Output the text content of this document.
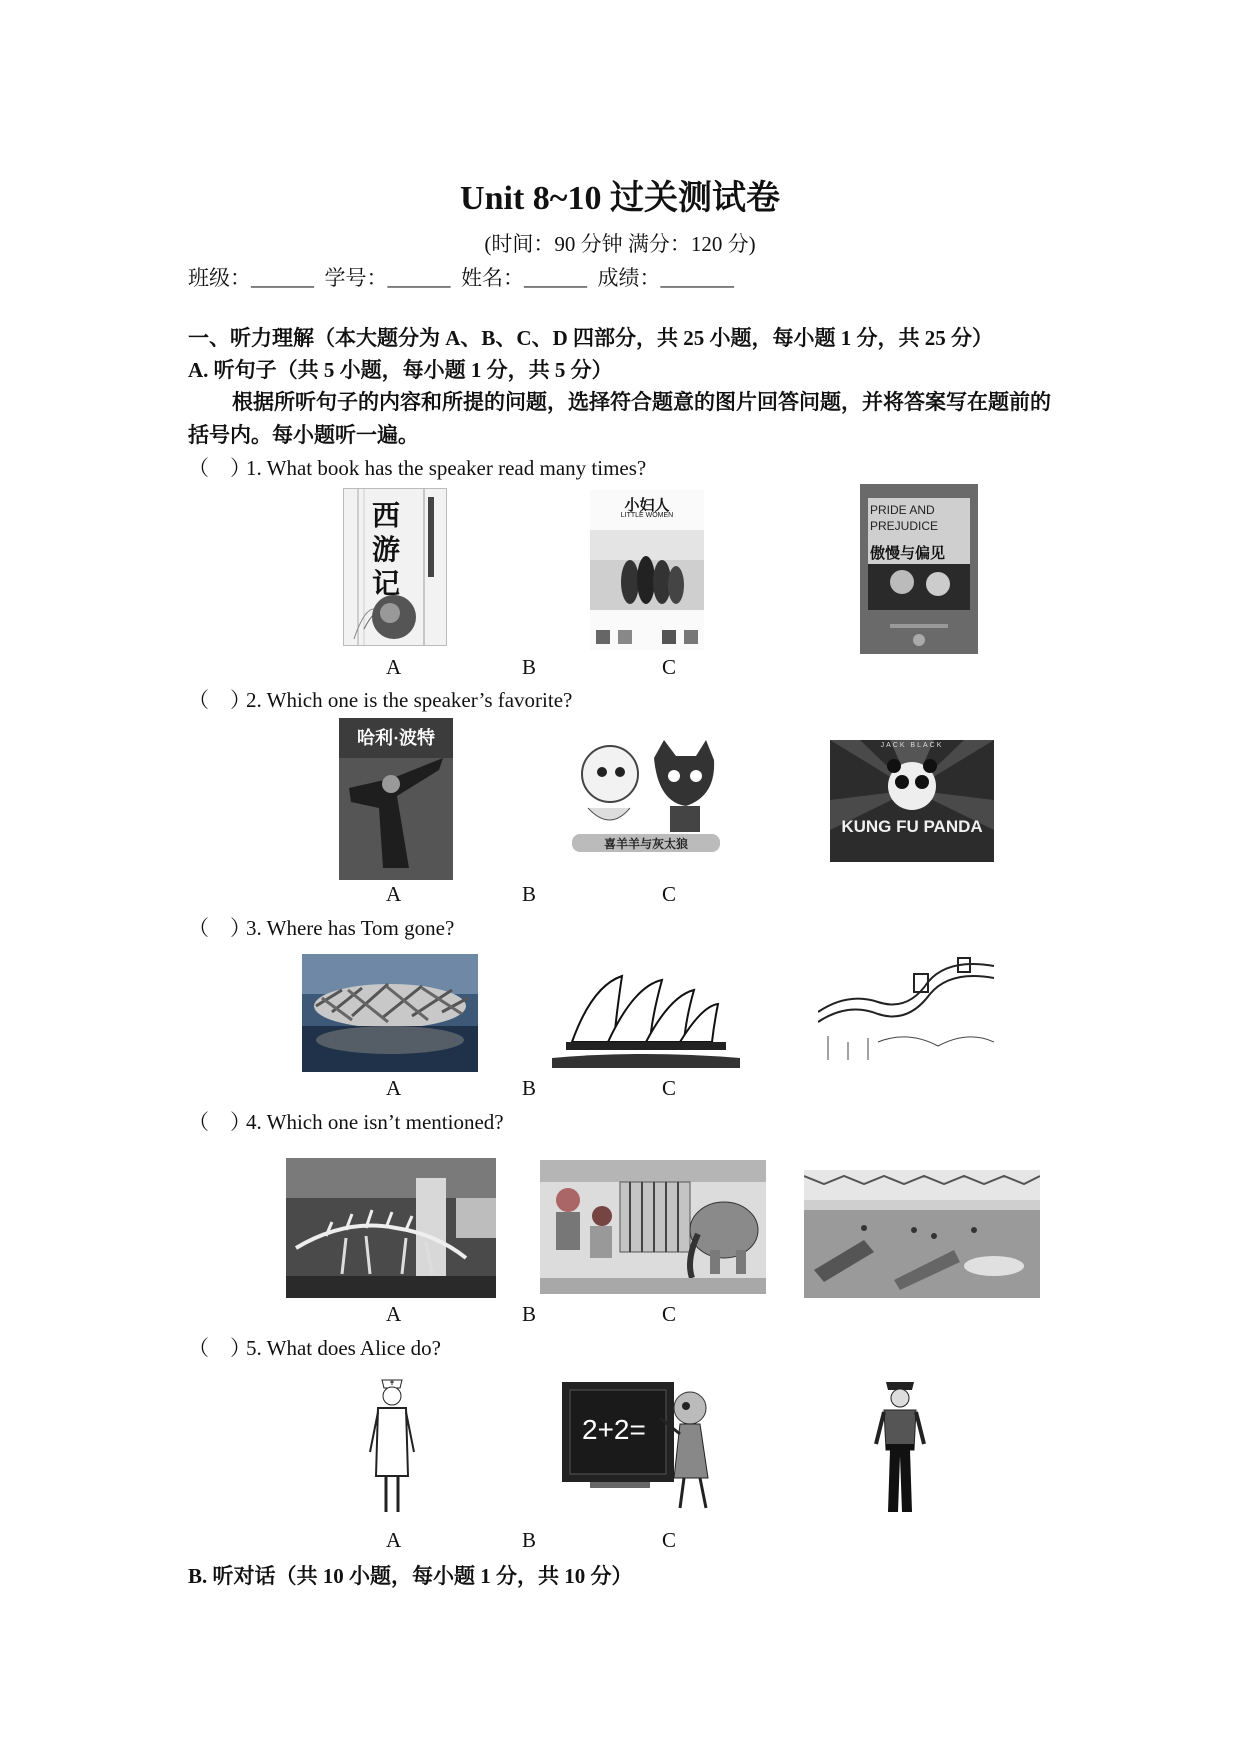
Unit 8~10 过关测试卷
(时间：90 分钟 满分：120 分)
班级：______  学号：______  姓名：______  成绩：_______
一、听力理解（本大题分为 A、B、C、D 四部分，共 25 小题，每小题 1 分，共 25 分）
A. 听句子（共 5 小题，每小题 1 分，共 5 分）
根据所听句子的内容和所提的问题，选择符合题意的图片回答问题，并将答案写在题前的括号内。每小题听一遍。
（　）1. What book has the speaker read many times?
西游记
小妇人
LITTLE WOMEN	PRIDE AND PREJUDICE
傲慢与偏见
A	B	C
（　）2. Which one is the speaker’s favorite?
哈利·波特
喜羊羊与灰太狼
JACK BLACK
KUNG FU PANDA
A	B	C
（　）3. Where has Tom gone?
A	B	C
（　）4. Which one isn’t mentioned?
A	B	C
（　）5. What does Alice do?
2+2=
A	B	C
B. 听对话（共 10 小题，每小题 1 分，共 10 分）
